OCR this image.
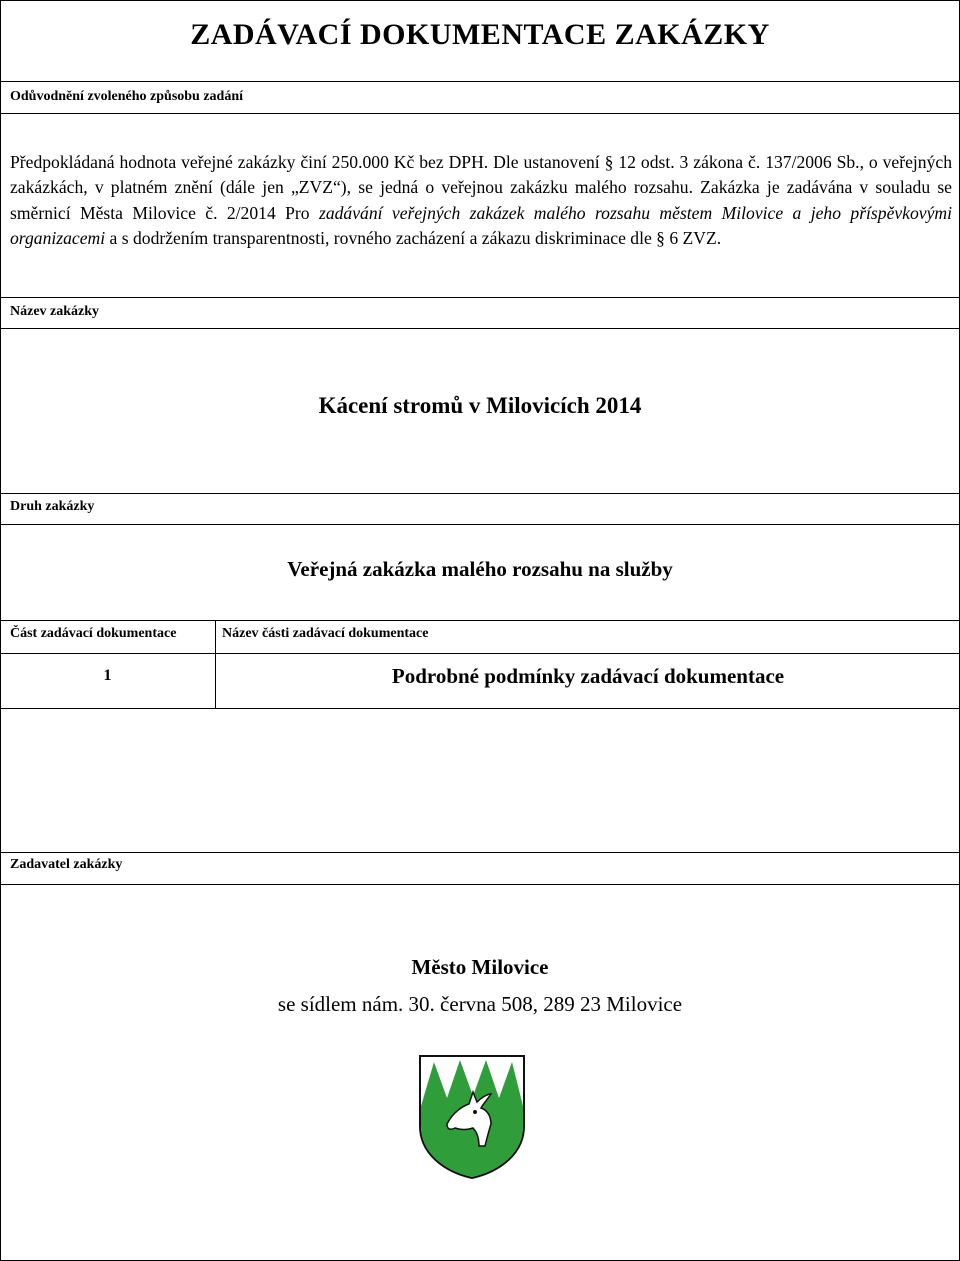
ZADÁVACÍ DOKUMENTACE ZAKÁZKY
Odůvodnění zvoleného způsobu zadání
Předpokládaná hodnota veřejné zakázky činí 250.000 Kč bez DPH. Dle ustanovení § 12 odst. 3 zákona č. 137/2006 Sb., o veřejných zakázkách, v platném znění (dále jen „ZVZ“), se jedná o veřejnou zakázku malého rozsahu. Zakázka je zadávána v souladu se směrnicí Města Milovice č. 2/2014 Pro zadávání veřejných zakázek malého rozsahu městem Milovice a jeho příspěvkovými organizacemi a s dodržením transparentnosti, rovného zacházení a zákazu diskriminace dle § 6 ZVZ.
Název zakázky
Kácení stromů v Milovicích 2014
Druh zakázky
Veřejná zakázka malého rozsahu na služby
Část zadávací dokumentace	Název části zadávací dokumentace
1	Podrobné podmínky zadávací dokumentace
Zadavatel zakázky
Město Milovice
se sídlem nám. 30. června 508, 289 23 Milovice
